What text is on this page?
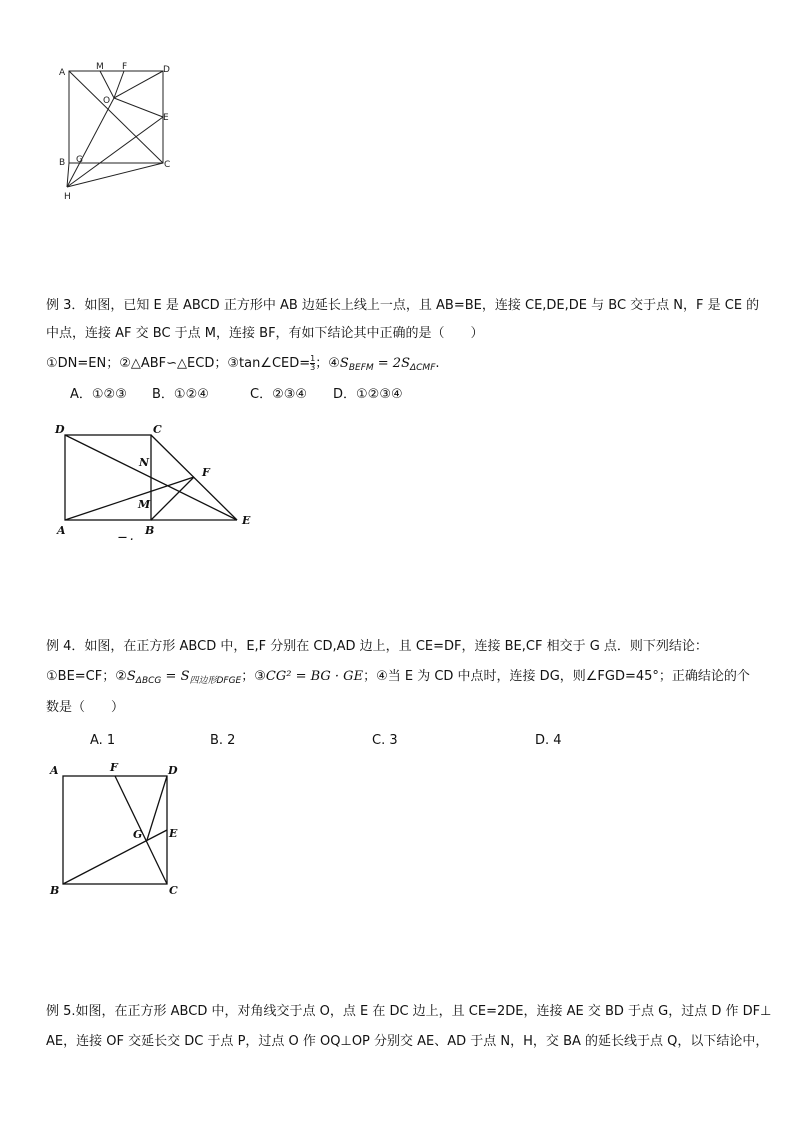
A
M F	D
O
E
B G	C
H
例 3．如图，已知 E 是 ABCD 正方形中 AB 边延长上线上一点，且 AB=BE，连接 CE,DE,DE 与 BC 交于点 N，F 是 CE 的
中点，连接 AF 交 BC 于点 M，连接 BF，有如下结论其中正确的是（　　）
①DN=EN；②△ABF∽△ECD；③tan∠CED= $\frac{1}{3}$ ；$④S_{BEFM} = 2S_{\Delta CMF}$.
A．①②③ B．①②④	C．②③④ D．①②③④
D	C
N
F
M
A	B
E
— .
例 4．如图，在正方形 ABCD 中，E,F 分别在 CD,AD 边上，且 CE=DF，连接 BE,CF 相交于 G 点．则下列结论：
①BE=CF；$②S_{\Delta BCG} = S_{四边形DFGE}$；③CG² = BG · GE；④当 E 为 CD 中点时，连接 DG，则∠FGD=45°；正确结论的个
数是（　　）
A. 1	B. 2	C. 3	D. 4
A	F	D
G E
B	C
例 5.如图，在正方形 ABCD 中，对角线交于点 O，点 E 在 DC 边上，且 CE=2DE，连接 AE 交 BD 于点 G，过点 D 作 DF⊥
AE，连接 OF 交延长交 DC 于点 P，过点 O 作 OQ⊥OP 分别交 AE、AD 于点 N，H，交 BA 的延长线于点 Q，以下结论中，
